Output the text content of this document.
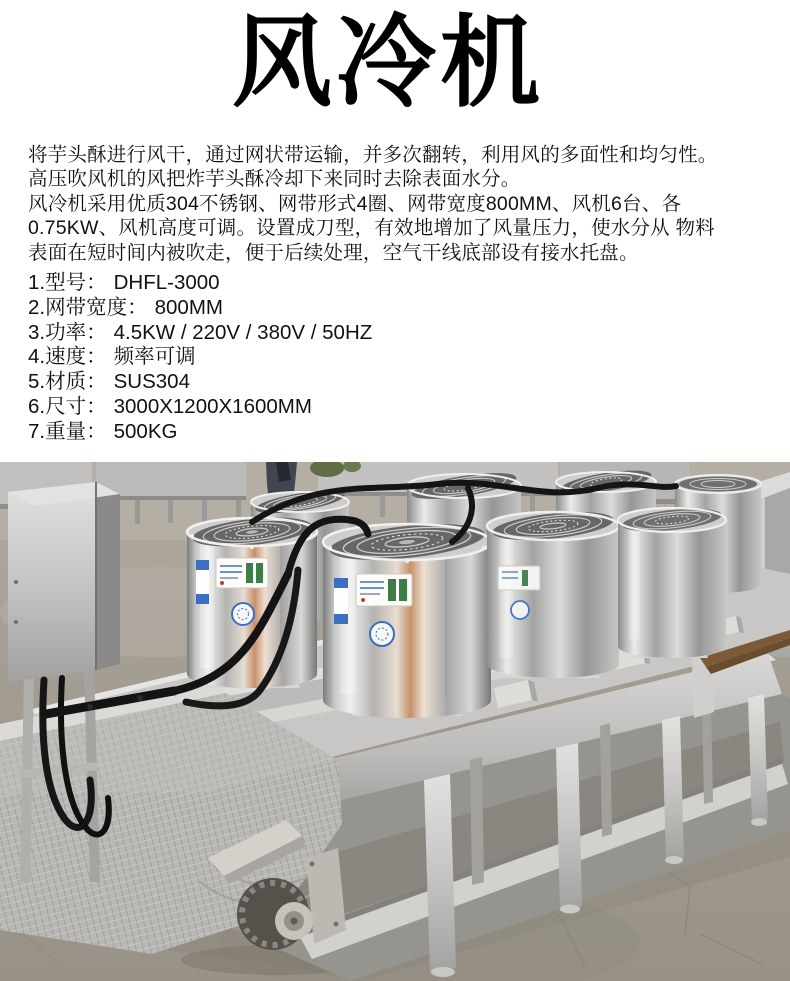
风冷机
将芋头酥进行风干，通过网状带运输，并多次翻转，利用风的多面性和均匀性。
高压吹风机的风把炸芋头酥冷却下来同时去除表面水分。
风冷机采用优质304不锈钢、网带形式4圈、网带宽度800MM、风机6台、各
0.75KW、风机高度可调。设置成刀型，有效地增加了风量压力，使水分从 物料
表面在短时间内被吹走，便于后续处理，空气干线底部设有接水托盘。
1.型号： DHFL-3000
2.网带宽度： 800MM
3.功率： 4.5KW / 220V / 380V / 50HZ
4.速度： 频率可调
5.材质： SUS304
6.尺寸： 3000X1200X1600MM
7.重量： 500KG
